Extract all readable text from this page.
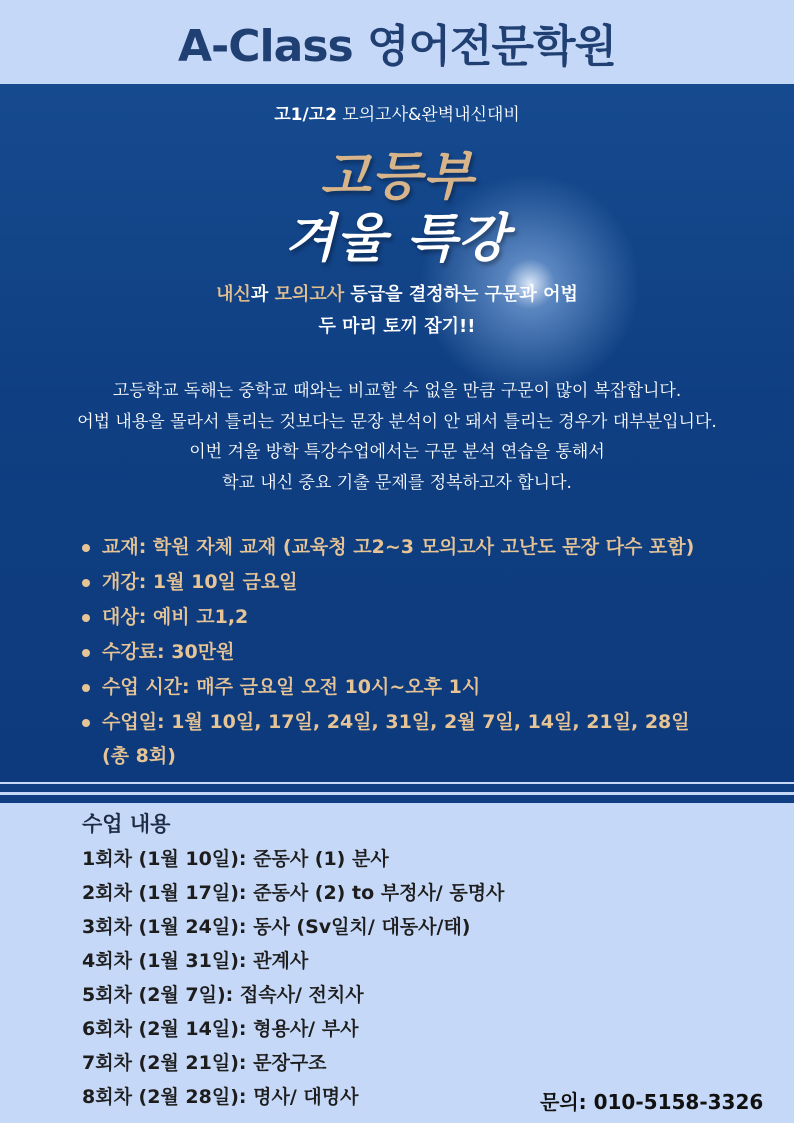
A-Class 영어전문학원
고1/고2 모의고사&완벽내신대비
고등부
겨울 특강
내신과 모의고사 등급을 결정하는 구문과 어법
두 마리 토끼 잡기!!
고등학교 독해는 중학교 때와는 비교할 수 없을 만큼 구문이 많이 복잡합니다.
어법 내용을 몰라서 틀리는 것보다는 문장 분석이 안 돼서 틀리는 경우가 대부분입니다.
이번 겨울 방학 특강수업에서는 구문 분석 연습을 통해서
학교 내신 중요 기출 문제를 정복하고자 합니다.
교재: 학원 자체 교재 (교육청 고2~3 모의고사 고난도 문장 다수 포함)
개강: 1월 10일 금요일
대상: 예비 고1,2
수강료: 30만원
수업 시간: 매주 금요일 오전 10시~오후 1시
수업일: 1월 10일, 17일, 24일, 31일, 2월 7일, 14일, 21일, 28일
(총 8회)
수업 내용
1회차 (1월 10일): 준동사 (1) 분사
2회차 (1월 17일): 준동사 (2) to 부정사/ 동명사
3회차 (1월 24일): 동사 (Sv일치/ 대동사/태)
4회차 (1월 31일): 관계사
5회차 (2월 7일): 접속사/ 전치사
6회차 (2월 14일): 형용사/ 부사
7회차 (2월 21일): 문장구조
8회차 (2월 28일): 명사/ 대명사	문의: 010-5158-3326
